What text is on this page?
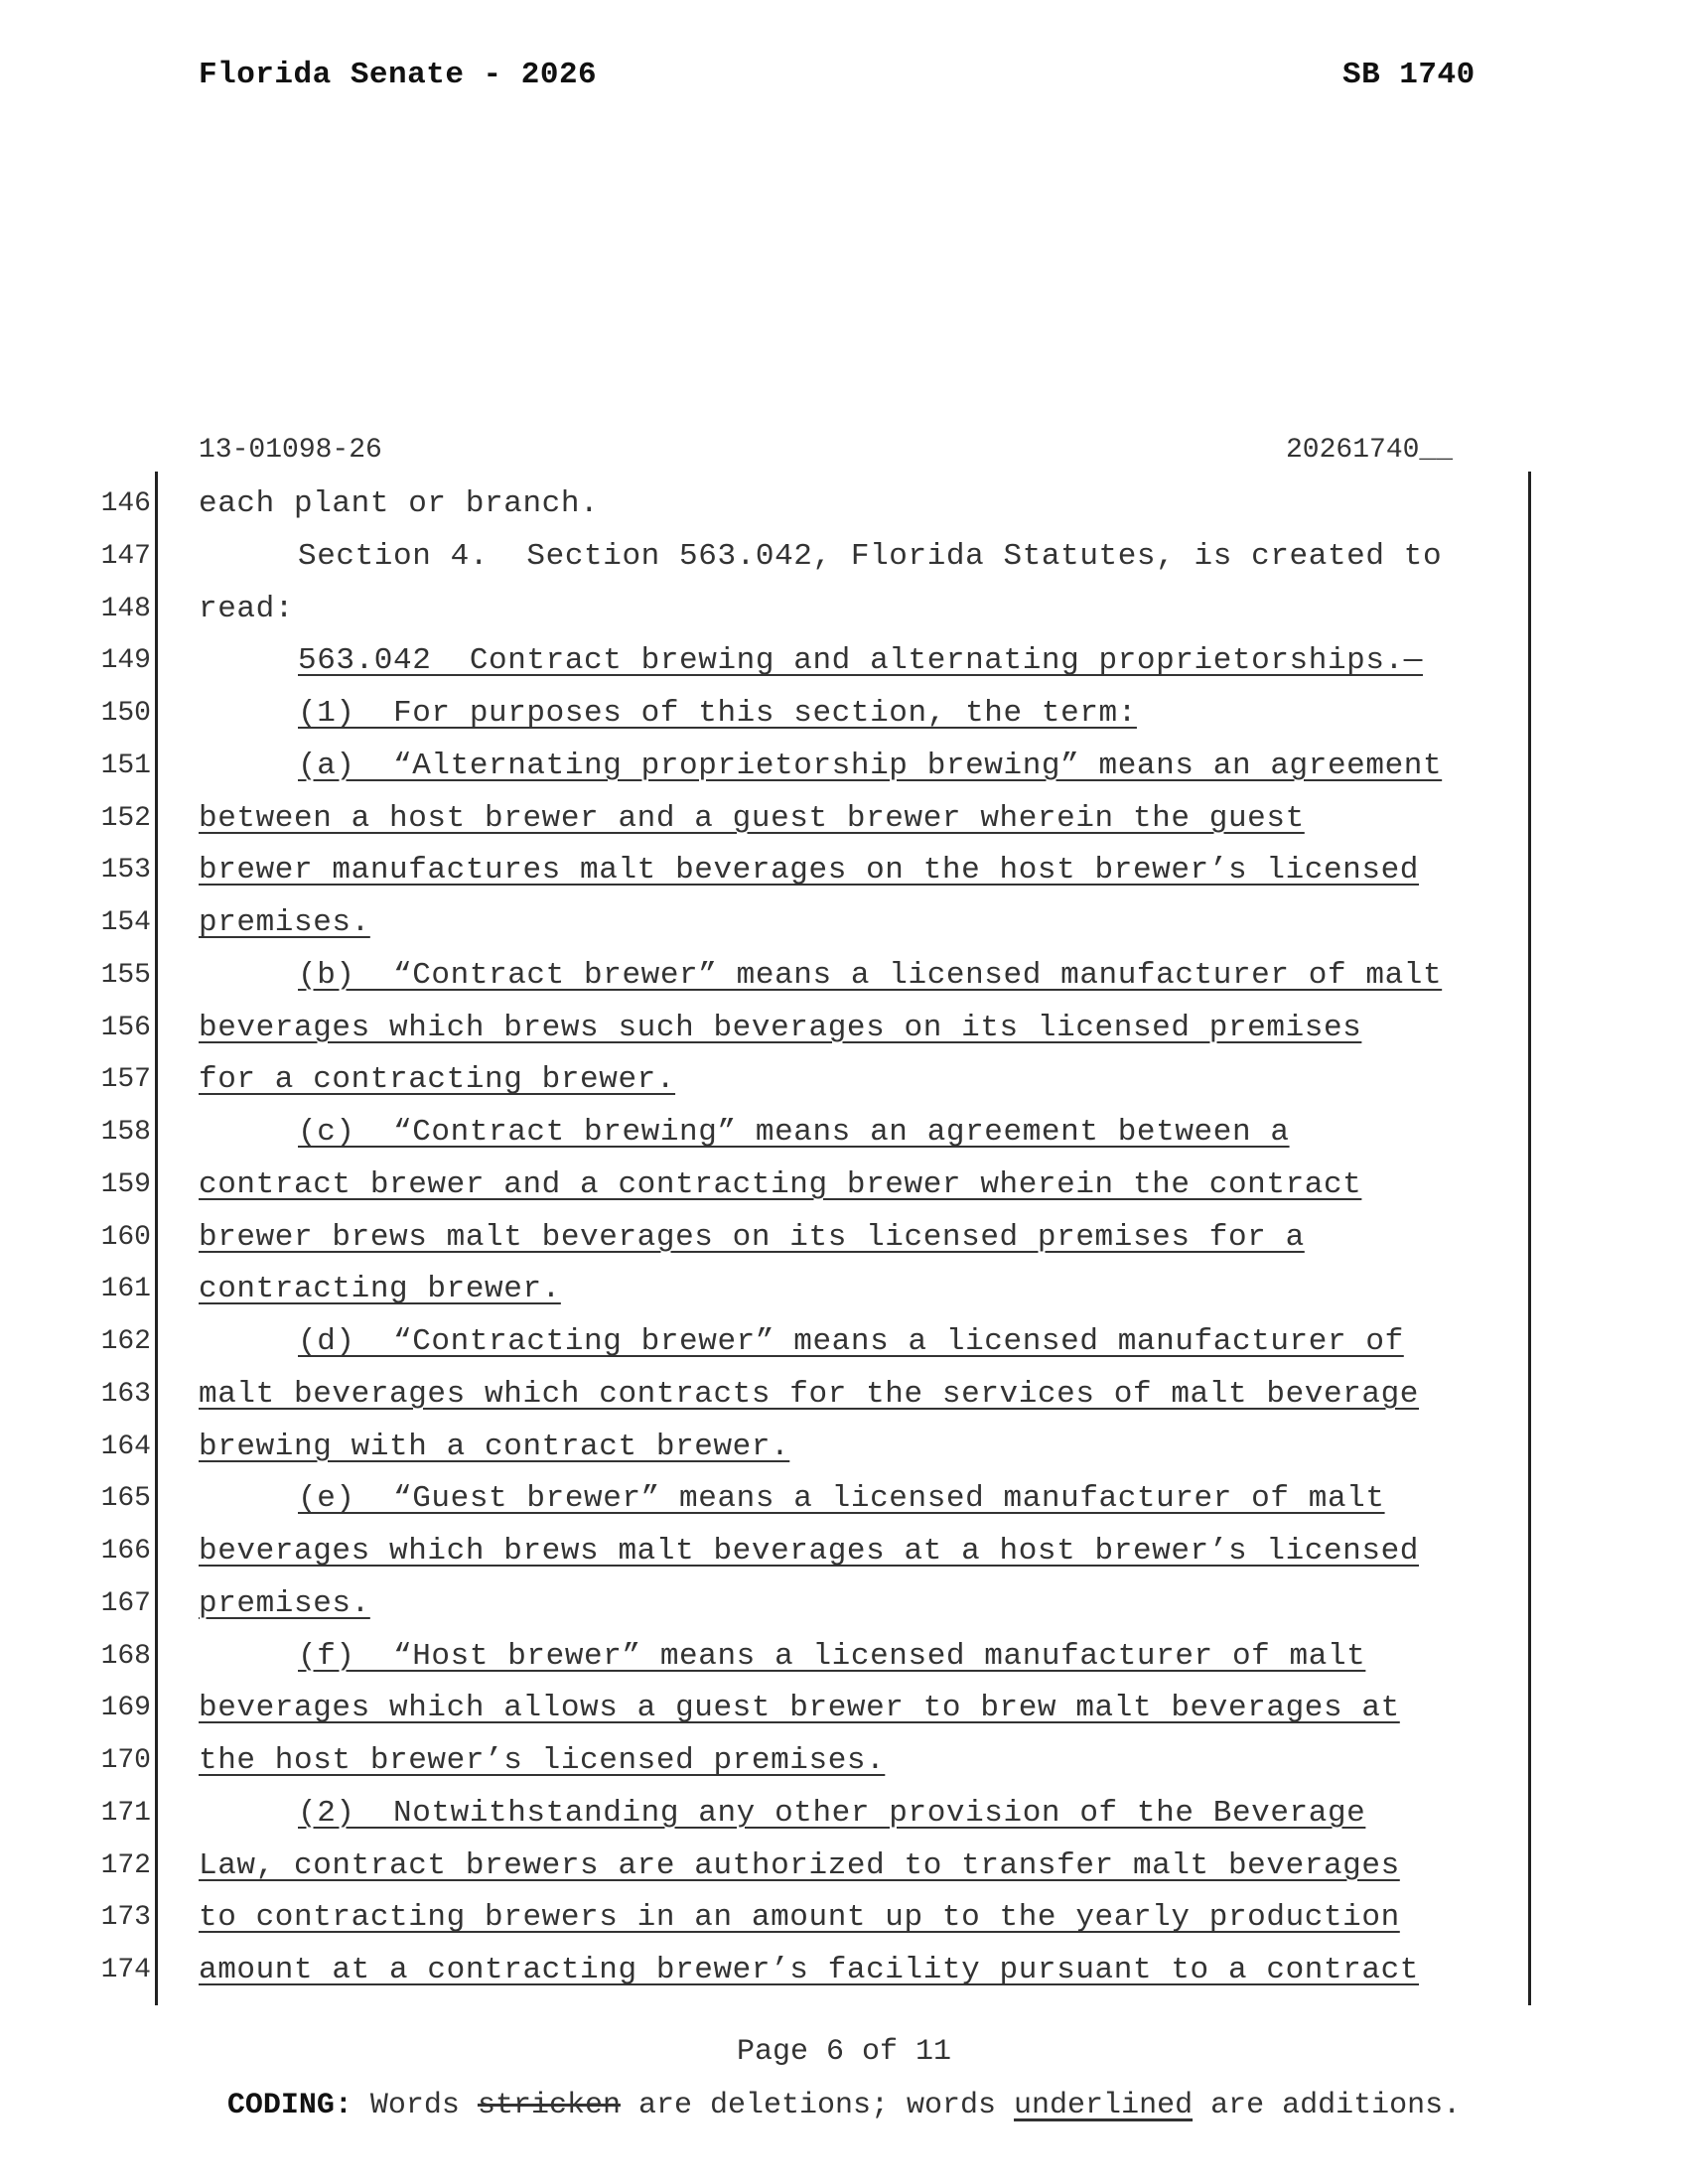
Florida Senate - 2026	SB 1740
13-01098-26	20261740__
146 each plant or branch.
147	Section 4.  Section 563.042, Florida Statutes, is created to
148 read:
149	563.042  Contract brewing and alternating proprietorships.—
150	(1)  For purposes of this section, the term:
151	(a)  “Alternating proprietorship brewing” means an agreement
152 between a host brewer and a guest brewer wherein the guest
153 brewer manufactures malt beverages on the host brewer’s licensed
154 premises.
155	(b)  “Contract brewer” means a licensed manufacturer of malt
156 beverages which brews such beverages on its licensed premises
157 for a contracting brewer.
158	(c)  “Contract brewing” means an agreement between a
159 contract brewer and a contracting brewer wherein the contract
160 brewer brews malt beverages on its licensed premises for a
161 contracting brewer.
162	(d)  “Contracting brewer” means a licensed manufacturer of
163 malt beverages which contracts for the services of malt beverage
164 brewing with a contract brewer.
165	(e)  “Guest brewer” means a licensed manufacturer of malt
166 beverages which brews malt beverages at a host brewer’s licensed
167 premises.
168	(f)  “Host brewer” means a licensed manufacturer of malt
169 beverages which allows a guest brewer to brew malt beverages at
170 the host brewer’s licensed premises.
171	(2)  Notwithstanding any other provision of the Beverage
172 Law, contract brewers are authorized to transfer malt beverages
173 to contracting brewers in an amount up to the yearly production
174 amount at a contracting brewer’s facility pursuant to a contract
Page 6 of 11
CODING: Words stricken are deletions; words underlined are additions.
